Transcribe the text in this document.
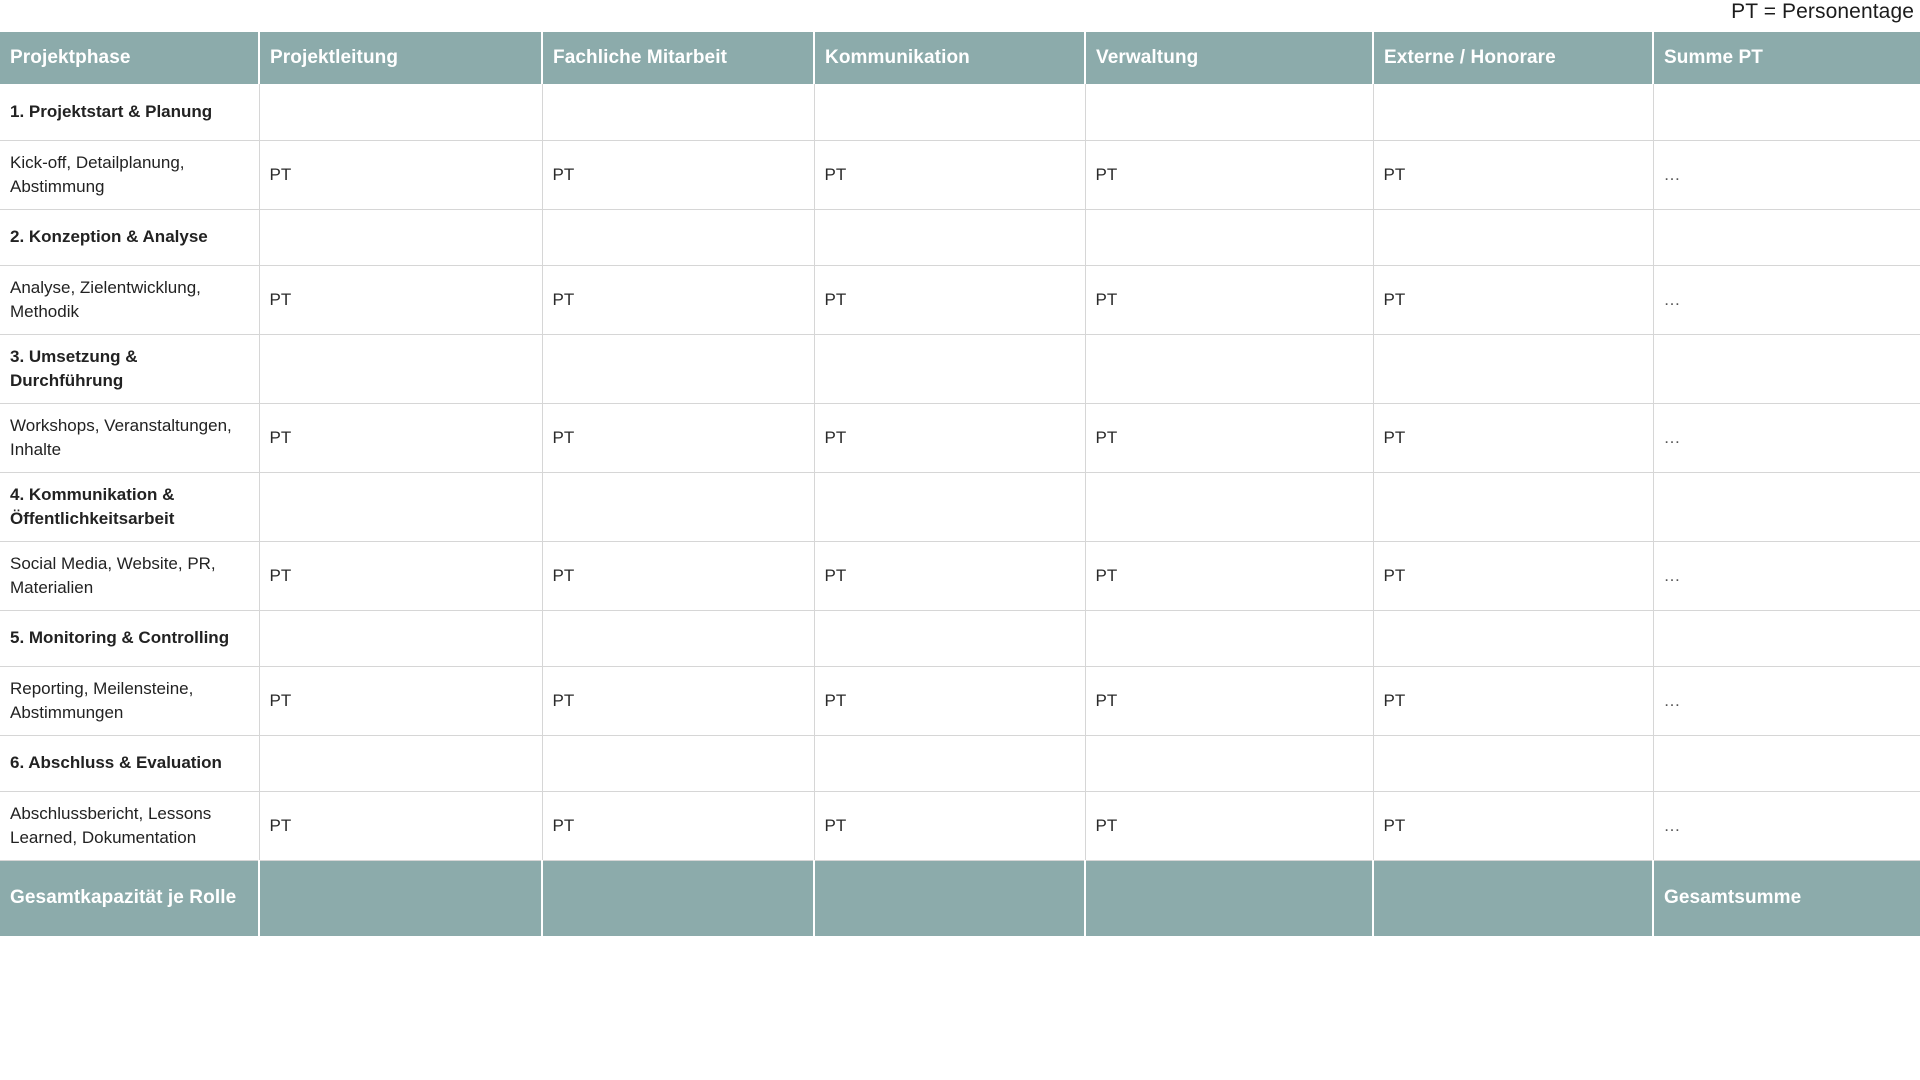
PT = Personentage
Projektphase	Projektleitung	Fachliche Mitarbeit	Kommunikation	Verwaltung	Externe / Honorare	Summe PT
1. Projektstart & Planung						
Kick-off, Detailplanung, Abstimmung	PT	PT	PT	PT	PT	…
2. Konzeption & Analyse						
Analyse, Zielentwicklung, Methodik	PT	PT	PT	PT	PT	…
3. Umsetzung & Durchführung						
Workshops, Veranstaltungen, Inhalte	PT	PT	PT	PT	PT	…
4. Kommunikation & Öffentlichkeitsarbeit						
Social Media, Website, PR, Materialien	PT	PT	PT	PT	PT	…
5. Monitoring & Controlling						
Reporting, Meilensteine, Abstimmungen	PT	PT	PT	PT	PT	…
6. Abschluss & Evaluation						
Abschlussbericht, Lessons Learned, Dokumentation	PT	PT	PT	PT	PT	…
Gesamtkapazität je Rolle						Gesamtsumme
